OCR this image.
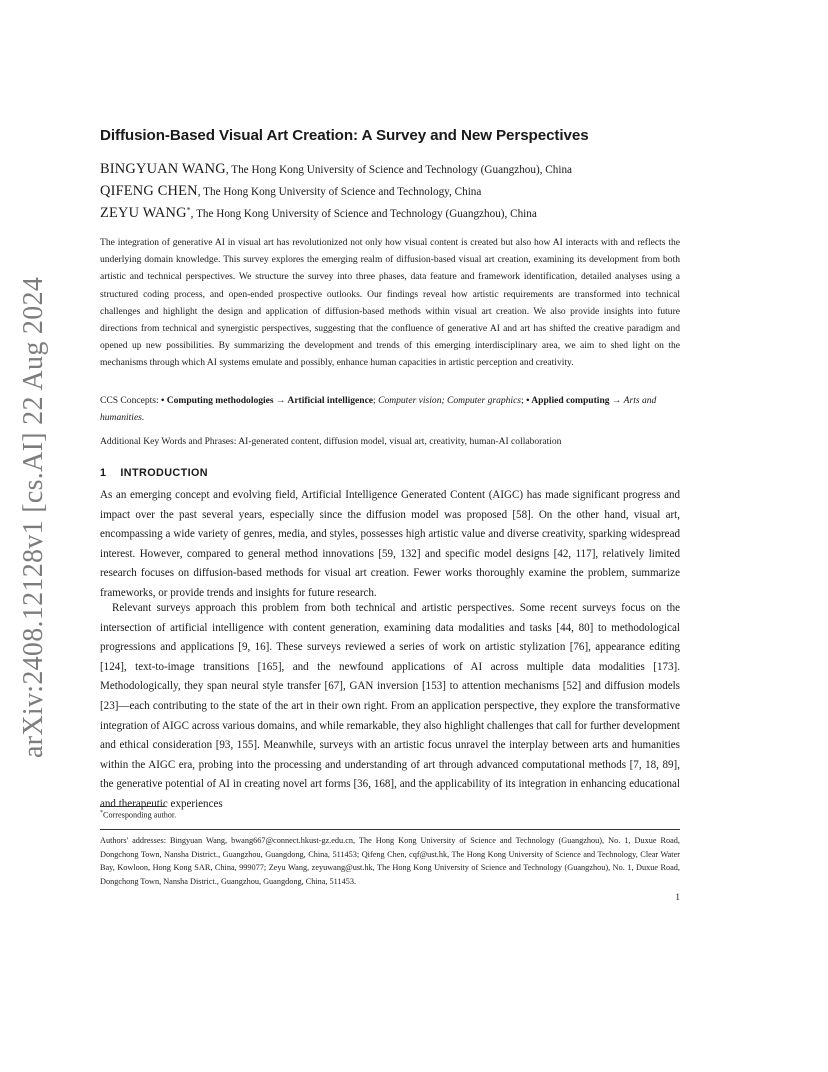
arXiv:2408.12128v1 [cs.AI] 22 Aug 2024
Diffusion-Based Visual Art Creation: A Survey and New Perspectives
BINGYUAN WANG, The Hong Kong University of Science and Technology (Guangzhou), China
QIFENG CHEN, The Hong Kong University of Science and Technology, China
ZEYU WANG*, The Hong Kong University of Science and Technology (Guangzhou), China
The integration of generative AI in visual art has revolutionized not only how visual content is created but also how AI interacts with and reflects the underlying domain knowledge. This survey explores the emerging realm of diffusion-based visual art creation, examining its development from both artistic and technical perspectives. We structure the survey into three phases, data feature and framework identification, detailed analyses using a structured coding process, and open-ended prospective outlooks. Our findings reveal how artistic requirements are transformed into technical challenges and highlight the design and application of diffusion-based methods within visual art creation. We also provide insights into future directions from technical and synergistic perspectives, suggesting that the confluence of generative AI and art has shifted the creative paradigm and opened up new possibilities. By summarizing the development and trends of this emerging interdisciplinary area, we aim to shed light on the mechanisms through which AI systems emulate and possibly, enhance human capacities in artistic perception and creativity.
CCS Concepts: • Computing methodologies → Artificial intelligence; Computer vision; Computer graphics; • Applied computing → Arts and humanities.
Additional Key Words and Phrases: AI-generated content, diffusion model, visual art, creativity, human-AI collaboration
1 INTRODUCTION

As an emerging concept and evolving field, Artificial Intelligence Generated Content (AIGC) has made significant progress and impact over the past several years, especially since the diffusion model was proposed [58]. On the other hand, visual art, encompassing a wide variety of genres, media, and styles, possesses high artistic value and diverse creativity, sparking widespread interest. However, compared to general method innovations [59, 132] and specific model designs [42, 117], relatively limited research focuses on diffusion-based methods for visual art creation. Fewer works thoroughly examine the problem, summarize frameworks, or provide trends and insights for future research.

Relevant surveys approach this problem from both technical and artistic perspectives. Some recent surveys focus on the intersection of artificial intelligence with content generation, examining data modalities and tasks [44, 80] to methodological progressions and applications [9, 16]. These surveys reviewed a series of work on artistic stylization [76], appearance editing [124], text-to-image transitions [165], and the newfound applications of AI across multiple data modalities [173]. Methodologically, they span neural style transfer [67], GAN inversion [153] to attention mechanisms [52] and diffusion models [23]—each contributing to the state of the art in their own right. From an application perspective, they explore the transformative integration of AIGC across various domains, and while remarkable, they also highlight challenges that call for further development and ethical consideration [93, 155]. Meanwhile, surveys with an artistic focus unravel the interplay between arts and humanities within the AIGC era, probing into the processing and understanding of art through advanced computational methods [7, 18, 89], the generative potential of AI in creating novel art forms [36, 168], and the applicability of its integration in enhancing educational and therapeutic experiences

*Corresponding author.
Authors' addresses: Bingyuan Wang, bwang667@connect.hkust-gz.edu.cn, The Hong Kong University of Science and Technology (Guangzhou), No. 1, Duxue Road, Dongchong Town, Nansha District., Guangzhou, Guangdong, China, 511453; Qifeng Chen, cqf@ust.hk, The Hong Kong University of Science and Technology, Clear Water Bay, Kowloon, Hong Kong SAR, China, 999077; Zeyu Wang, zeyuwang@ust.hk, The Hong Kong University of Science and Technology (Guangzhou), No. 1, Duxue Road, Dongchong Town, Nansha District., Guangzhou, Guangdong, China, 511453.
1
